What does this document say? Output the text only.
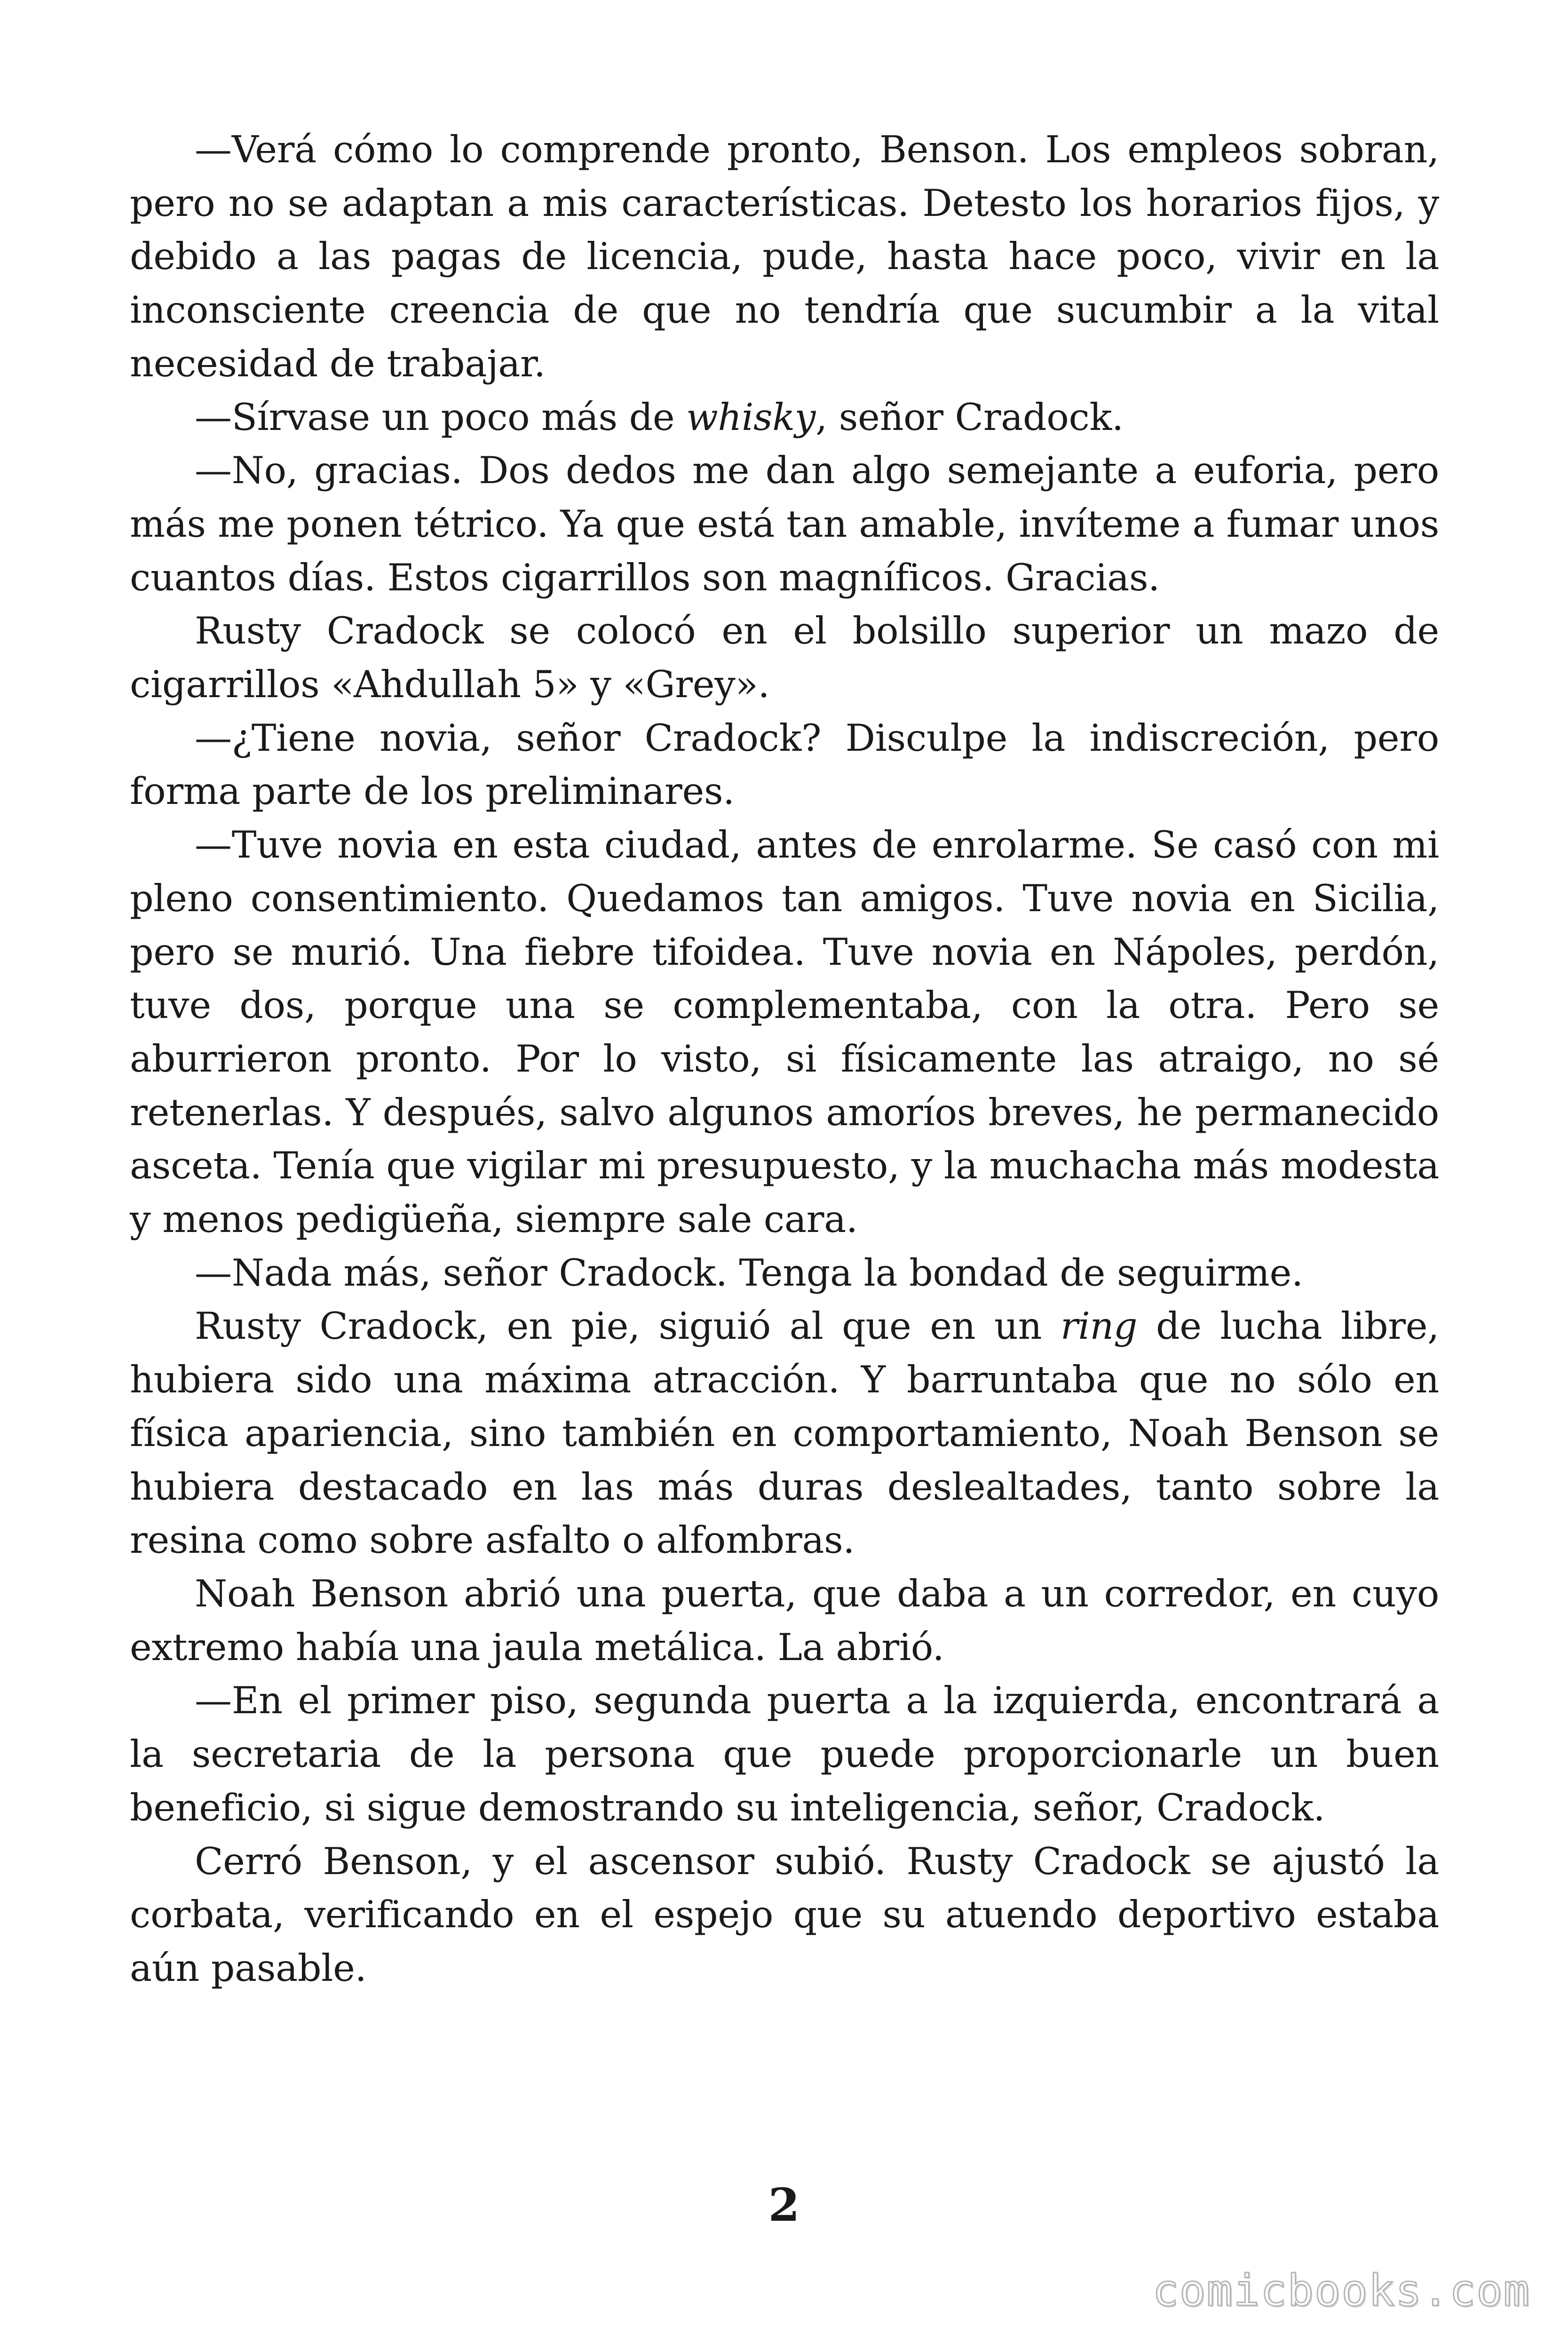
—Verá cómo lo comprende pronto, Benson. Los empleos sobran, pero no se adaptan a mis características. Detesto los horarios fijos, y debido a las pagas de licencia, pude, hasta hace poco, vivir en la inconsciente creencia de que no tendría que sucumbir a la vital necesidad de trabajar.

—Sírvase un poco más de whisky, señor Cradock.

—No, gracias. Dos dedos me dan algo semejante a euforia, pero más me ponen tétrico. Ya que está tan amable, invíteme a fumar unos cuantos días. Estos cigarrillos son magníficos. Gracias.

Rusty Cradock se colocó en el bolsillo superior un mazo de cigarrillos «Ahdullah 5» y «Grey».

—¿Tiene novia, señor Cradock? Disculpe la indiscreción, pero forma parte de los preliminares.

—Tuve novia en esta ciudad, antes de enrolarme. Se casó con mi pleno consentimiento. Quedamos tan amigos. Tuve novia en Sicilia, pero se murió. Una fiebre tifoidea. Tuve novia en Nápoles, perdón, tuve dos, porque una se complementaba, con la otra. Pero se aburrieron pronto. Por lo visto, si físicamente las atraigo, no sé retenerlas. Y después, salvo algunos amoríos breves, he permanecido asceta. Tenía que vigilar mi presupuesto, y la muchacha más modesta y menos pedigüeña, siempre sale cara.

—Nada más, señor Cradock. Tenga la bondad de seguirme.

Rusty Cradock, en pie, siguió al que en un ring de lucha libre, hubiera sido una máxima atracción. Y barruntaba que no sólo en física apariencia, sino también en comportamiento, Noah Benson se hubiera destacado en las más duras deslealtades, tanto sobre la resina como sobre asfalto o alfombras.

Noah Benson abrió una puerta, que daba a un corredor, en cuyo extremo había una jaula metálica. La abrió.

—En el primer piso, segunda puerta a la izquierda, encontrará a la secretaria de la persona que puede proporcionarle un buen beneficio, si sigue demostrando su inteligencia, señor, Cradock.

Cerró Benson, y el ascensor subió. Rusty Cradock se ajustó la corbata, verificando en el espejo que su atuendo deportivo estaba aún pasable.

2
comicbooks.com
